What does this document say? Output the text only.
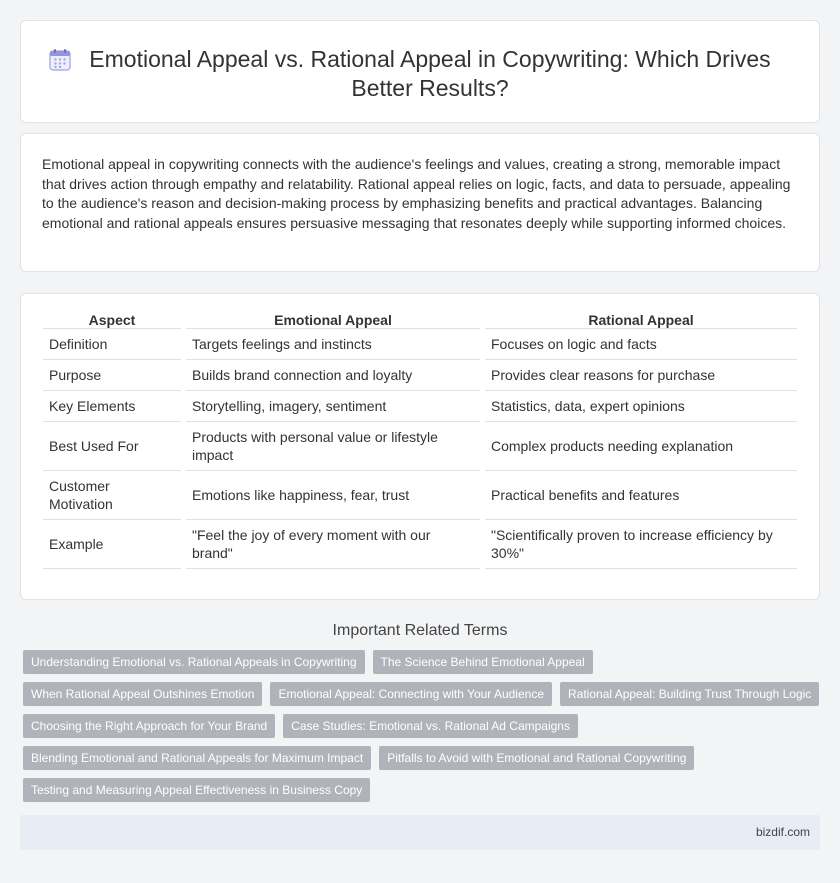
Emotional Appeal vs. Rational Appeal in Copywriting: Which Drives Better Results?

Emotional appeal in copywriting connects with the audience's feelings and values, creating a strong, memorable impact that drives action through empathy and relatability. Rational appeal relies on logic, facts, and data to persuade, appealing to the audience's reason and decision-making process by emphasizing benefits and practical advantages. Balancing emotional and rational appeals ensures persuasive messaging that resonates deeply while supporting informed choices.

Aspect	Emotional Appeal	Rational Appeal
Definition	Targets feelings and instincts	Focuses on logic and facts
Purpose	Builds brand connection and loyalty	Provides clear reasons for purchase
Key Elements	Storytelling, imagery, sentiment	Statistics, data, expert opinions
Best Used For	Products with personal value or lifestyle impact	Complex products needing explanation
Customer Motivation	Emotions like happiness, fear, trust	Practical benefits and features
Example	"Feel the joy of every moment with our brand"	"Scientifically proven to increase efficiency by 30%"
Important Related Terms
Understanding Emotional vs. Rational Appeals in Copywriting	The Science Behind Emotional Appeal
When Rational Appeal Outshines Emotion	Emotional Appeal: Connecting with Your Audience	Rational Appeal: Building Trust Through Logic
Choosing the Right Approach for Your Brand	Case Studies: Emotional vs. Rational Ad Campaigns
Blending Emotional and Rational Appeals for Maximum Impact	Pitfalls to Avoid with Emotional and Rational Copywriting
Testing and Measuring Appeal Effectiveness in Business Copy
bizdif.com
